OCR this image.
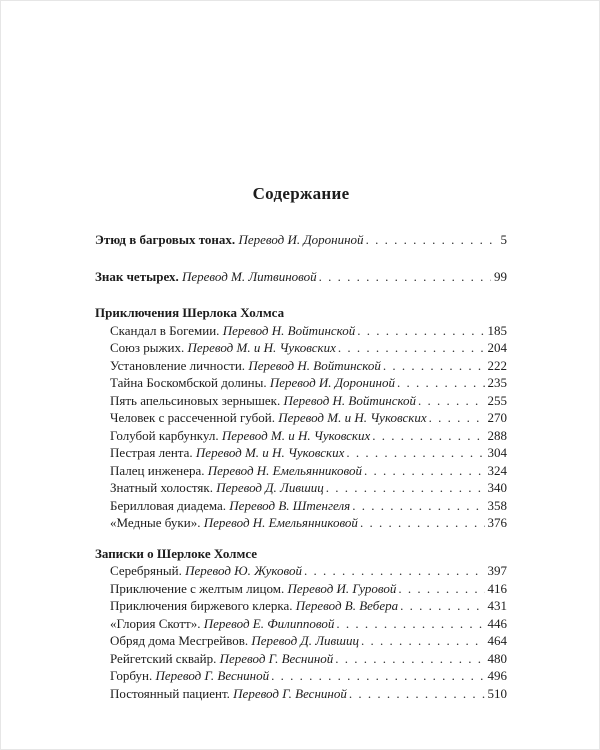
Содержание
Этюд в багровых тонах. Перевод И. Дорониной . . .	5
Знак четырех. Перевод М. Литвиновой . . .	99
Приключения Шерлока Холмса
Скандал в Богемии. Перевод Н. Войтинской . . .	185
Союз рыжих. Перевод М. и Н. Чуковских . . .	204
Установление личности. Перевод Н. Войтинской . . .	222
Тайна Боскомбской долины. Перевод И. Дорониной . . .	235
Пять апельсиновых зернышек. Перевод Н. Войтинской . . .	255
Человек с рассеченной губой. Перевод М. и Н. Чуковских . . .	270
Голубой карбункул. Перевод М. и Н. Чуковских . . .	288
Пестрая лента. Перевод М. и Н. Чуковских . . .	304
Палец инженера. Перевод Н. Емельянниковой . . .	324
Знатный холостяк. Перевод Д. Лившиц . . .	340
Берилловая диадема. Перевод В. Штенгеля . . .	358
«Медные буки». Перевод Н. Емельянниковой . . .	376
Записки о Шерлоке Холмсе
Серебряный. Перевод Ю. Жуковой . . .	397
Приключение с желтым лицом. Перевод И. Гуровой . . .	416
Приключения биржевого клерка. Перевод В. Вебера . . .	431
«Глория Скотт». Перевод Е. Филипповой . . .	446
Обряд дома Месгрейвов. Перевод Д. Лившиц . . .	464
Рейгетский сквайр. Перевод Г. Весниной . . .	480
Горбун. Перевод Г. Весниной . . .	496
Постоянный пациент. Перевод Г. Весниной . . .	510
